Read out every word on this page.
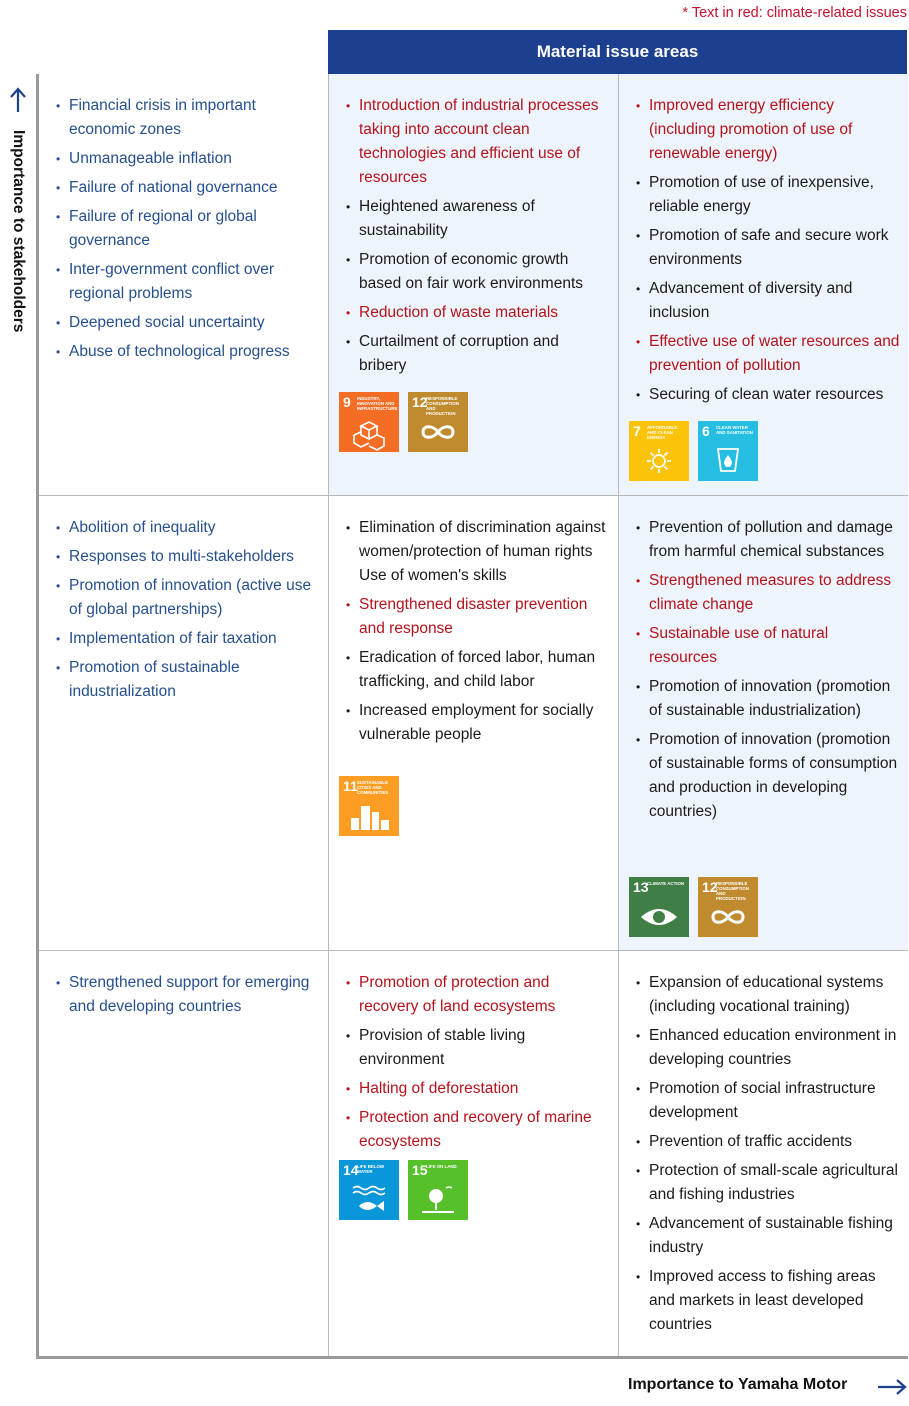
* Text in red: climate-related issues
Material issue areas
Importance to stakeholders
• Financial crisis in important economic zones
• Unmanageable inflation
• Failure of national governance
• Failure of regional or global governance
• Inter-government conflict over regional problems
• Deepened social uncertainty
• Abuse of technological progress
• Introduction of industrial processes taking into account clean technologies and efficient use of resources
• Heightened awareness of sustainability
• Promotion of economic growth based on fair work environments
• Reduction of waste materials
• Curtailment of corruption and bribery
9 INDUSTRY, INNOVATION AND INFRASTRUCTURE 12
RESPONSIBLE CONSUMPTION AND PRODUCTION
• Improved energy efficiency (including promotion of use of renewable energy)
• Promotion of use of inexpensive, reliable energy
• Promotion of safe and secure work environments
• Advancement of diversity and inclusion
• Effective use of water resources and prevention of pollution
• Securing of clean water resources
7 AFFORDABLE AND CLEAN ENERGY	6 CLEAN WATER AND SANITATION
• Abolition of inequality
• Responses to multi-stakeholders
• Promotion of innovation (active use of global partnerships)
• Implementation of fair taxation
• Promotion of sustainable industrialization
• Elimination of discrimination against women/protection of human rights
Use of women's skills
• Strengthened disaster prevention and response
• Eradication of forced labor, human trafficking, and child labor
• Increased employment for socially vulnerable people
11 SUSTAINABLE CITIES AND COMMUNITIES
• Prevention of pollution and damage from harmful chemical substances
• Strengthened measures to address climate change
• Sustainable use of natural resources
• Promotion of innovation (promotion of sustainable industrialization)
• Promotion of innovation (promotion of sustainable forms of consumption and production in developing countries)
13
CLIMATE ACTION 12
RESPONSIBLE CONSUMPTION AND PRODUCTION
• Strengthened support for emerging and developing countries
• Promotion of protection and recovery of land ecosystems
• Provision of stable living environment
• Halting of deforestation
• Protection and recovery of marine ecosystems
14
LIFE BELOW WATER	15
LIFE ON LAND
• Expansion of educational systems (including vocational training)
• Enhanced education environment in developing countries
• Promotion of social infrastructure development
• Prevention of traffic accidents
• Protection of small-scale agricultural and fishing industries
• Advancement of sustainable fishing industry
• Improved access to fishing areas and markets in least developed countries
Importance to Yamaha Motor
